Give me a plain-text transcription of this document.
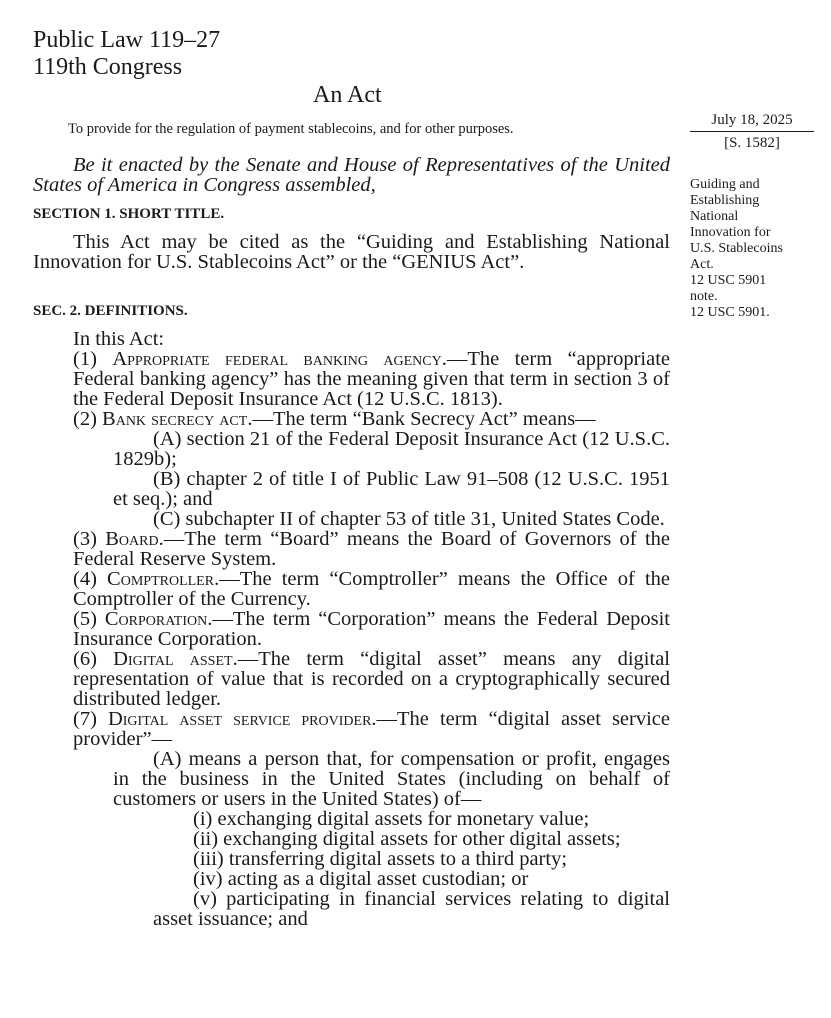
Public Law 119–27
119th Congress
An Act
To provide for the regulation of payment stablecoins, and for other purposes.
July 18, 2025
[S. 1582]
Guiding and
Establishing
National
Innovation for
U.S. Stablecoins
Act.
12 USC 5901
note.
12 USC 5901.
Be it enacted by the Senate and House of Representatives of the United States of America in Congress assembled,
SECTION 1. SHORT TITLE.

This Act may be cited as the “Guiding and Establishing National Innovation for U.S. Stablecoins Act” or the “GENIUS Act”.

SEC. 2. DEFINITIONS.

In this Act:

(1) Appropriate federal banking agency.—The term “appropriate Federal banking agency” has the meaning given that term in section 3 of the Federal Deposit Insurance Act (12 U.S.C. 1813).

(2) Bank secrecy act.—The term “Bank Secrecy Act” means—

(A) section 21 of the Federal Deposit Insurance Act (12 U.S.C. 1829b);

(B) chapter 2 of title I of Public Law 91–508 (12 U.S.C. 1951 et seq.); and

(C) subchapter II of chapter 53 of title 31, United States Code.

(3) Board.—The term “Board” means the Board of Governors of the Federal Reserve System.

(4) Comptroller.—The term “Comptroller” means the Office of the Comptroller of the Currency.

(5) Corporation.—The term “Corporation” means the Federal Deposit Insurance Corporation.

(6) Digital asset.—The term “digital asset” means any digital representation of value that is recorded on a cryptographically secured distributed ledger.

(7) Digital asset service provider.—The term “digital asset service provider”—

(A) means a person that, for compensation or profit, engages in the business in the United States (including on behalf of customers or users in the United States) of—

(i) exchanging digital assets for monetary value;

(ii) exchanging digital assets for other digital assets;

(iii) transferring digital assets to a third party;

(iv) acting as a digital asset custodian; or

(v) participating in financial services relating to digital asset issuance; and
